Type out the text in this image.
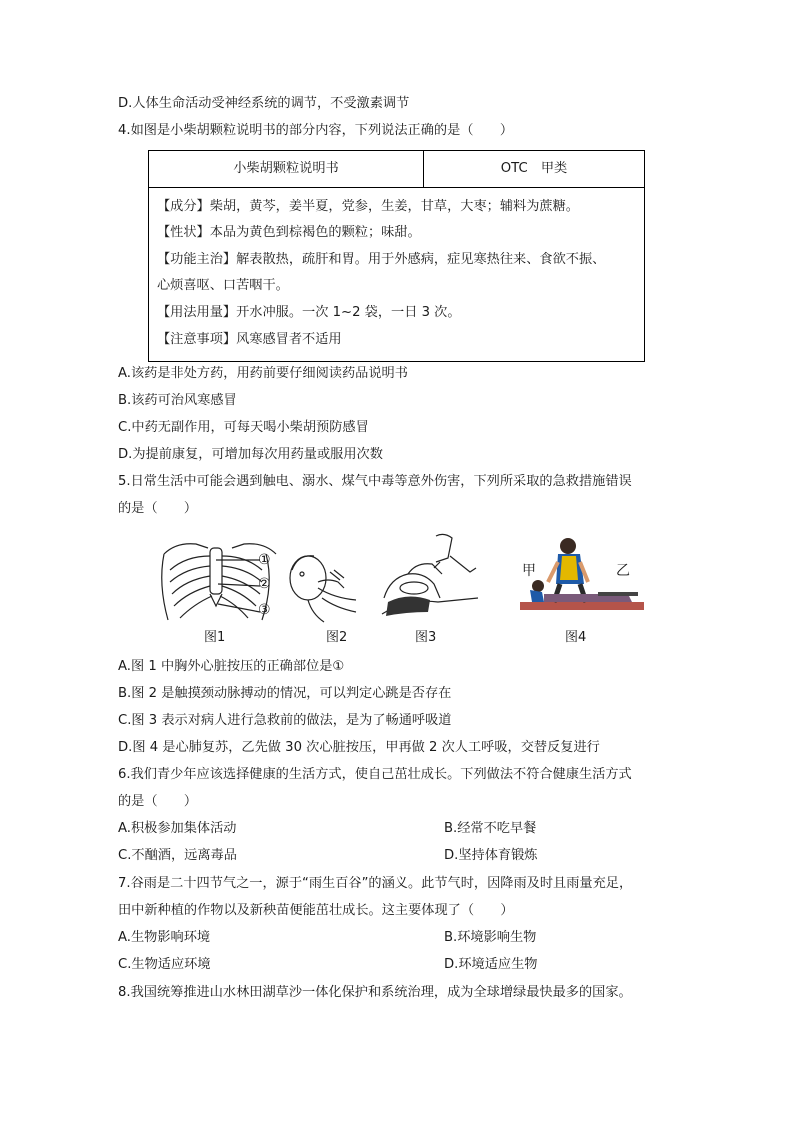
D.人体生命活动受神经系统的调节，不受激素调节
4.如图是小柴胡颗粒说明书的部分内容，下列说法正确的是（　　）
小柴胡颗粒说明书	OTC　甲类
【成分】柴胡，黄芩，姜半夏，党参，生姜，甘草，大枣；辅料为蔗糖。
【性状】本品为黄色到棕褐色的颗粒；味甜。
【功能主治】解表散热，疏肝和胃。用于外感病，症见寒热往来、食欲不振、
心烦喜呕、口苦咽干。
【用法用量】开水冲服。一次 1~2 袋，一日 3 次。
【注意事项】风寒感冒者不适用
A.该药是非处方药，用药前要仔细阅读药品说明书
B.该药可治风寒感冒
C.中药无副作用，可每天喝小柴胡预防感冒
D.为提前康复，可增加每次用药量或服用次数
5.日常生活中可能会遇到触电、溺水、煤气中毒等意外伤害，下列所采取的急救措施错误
的是（　　）
①
②
③
图1	图2	图3
甲	乙
图4
A.图 1 中胸外心脏按压的正确部位是①
B.图 2 是触摸颈动脉搏动的情况，可以判定心跳是否存在
C.图 3 表示对病人进行急救前的做法，是为了畅通呼吸道
D.图 4 是心肺复苏，乙先做 30 次心脏按压，甲再做 2 次人工呼吸，交替反复进行
6.我们青少年应该选择健康的生活方式，使自己茁壮成长。下列做法不符合健康生活方式
的是（　　）
A.积极参加集体活动	B.经常不吃早餐
C.不酗酒，远离毒品	D.坚持体育锻炼
7.谷雨是二十四节气之一，源于“雨生百谷”的涵义。此节气时，因降雨及时且雨量充足，
田中新种植的作物以及新秧苗便能茁壮成长。这主要体现了（　　）
A.生物影响环境	B.环境影响生物
C.生物适应环境	D.环境适应生物
8.我国统筹推进山水林田湖草沙一体化保护和系统治理，成为全球增绿最快最多的国家。
